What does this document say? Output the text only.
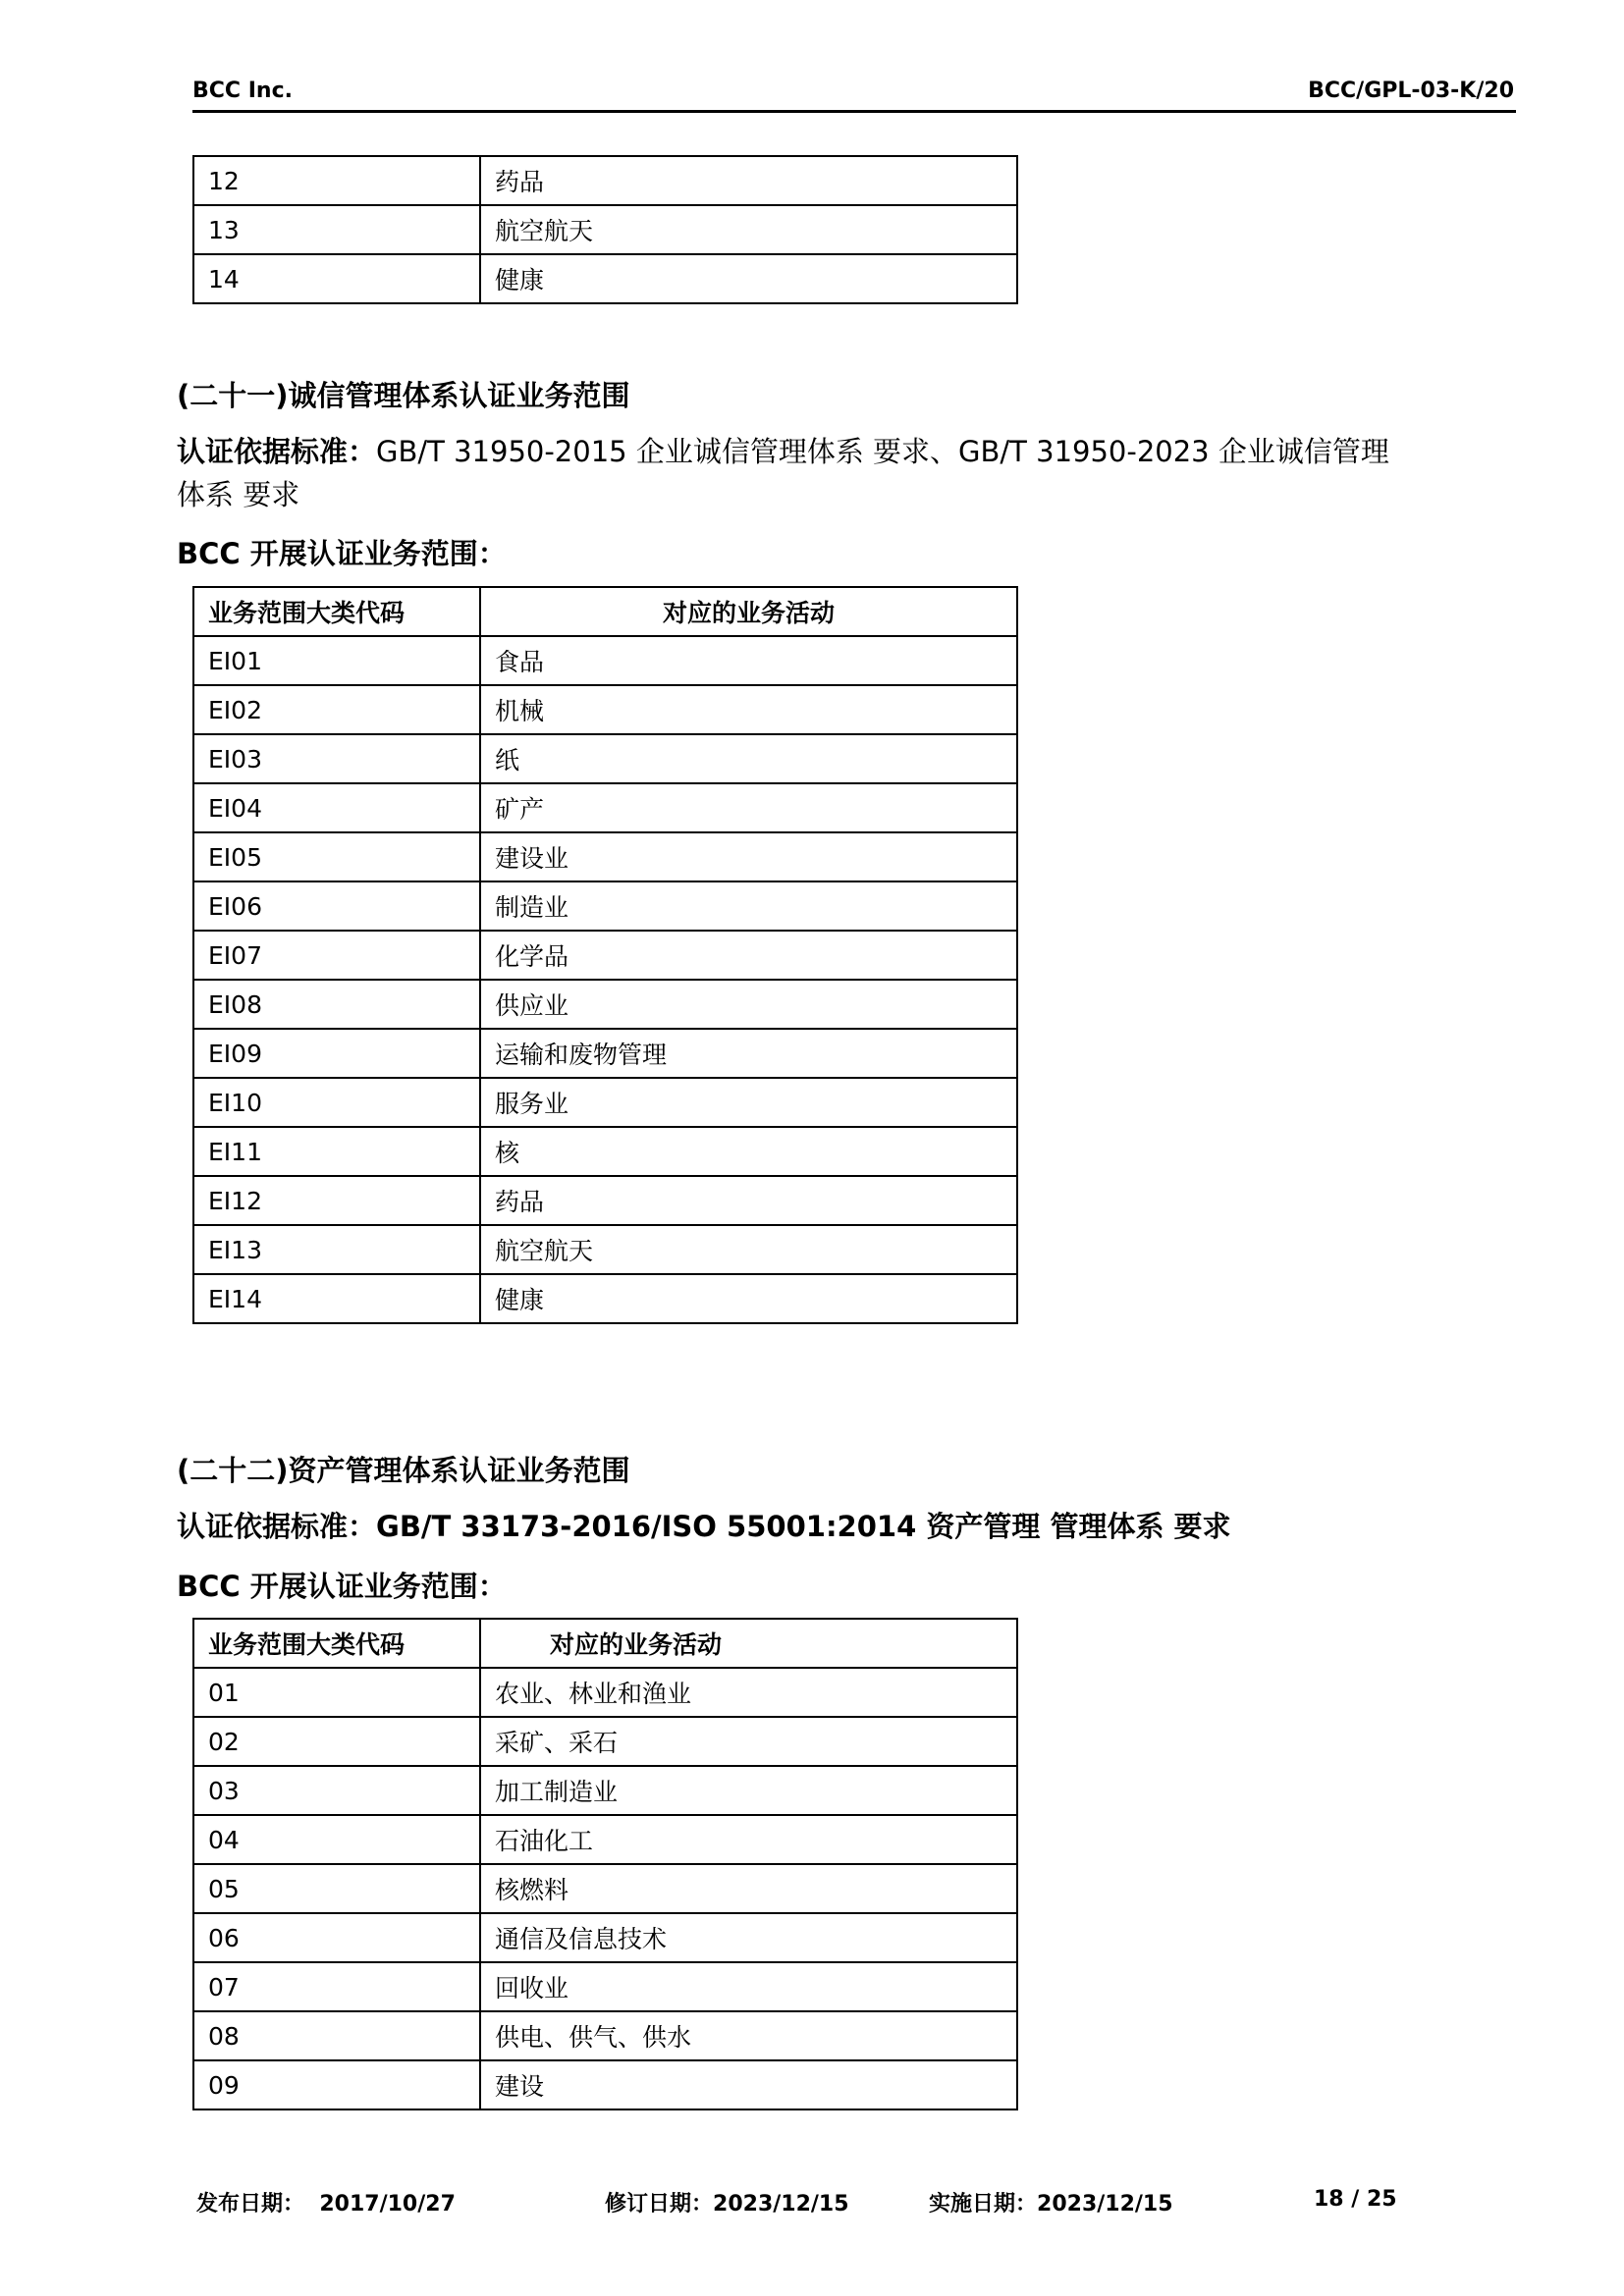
BCC Inc.	BCC/GPL-03-K/20
12	药品
13	航空航天
14	健康
(二十一)诚信管理体系认证业务范围
认证依据标准：GB/T 31950-2015 企业诚信管理体系 要求、GB/T 31950-2023 企业诚信管理
体系 要求
BCC 开展认证业务范围：
业务范围大类代码	对应的业务活动
EI01	食品
EI02	机械
EI03	纸
EI04	矿产
EI05	建设业
EI06	制造业
EI07	化学品
EI08	供应业
EI09	运输和废物管理
EI10	服务业
EI11	核
EI12	药品
EI13	航空航天
EI14	健康
(二十二)资产管理体系认证业务范围
认证依据标准：GB/T 33173-2016/ISO 55001:2014 资产管理 管理体系 要求
BCC 开展认证业务范围：
业务范围大类代码	对应的业务活动
01	农业、林业和渔业
02	采矿、采石
03	加工制造业
04	石油化工
05	核燃料
06	通信及信息技术
07	回收业
08	供电、供气、供水
09	建设
发布日期： 2017/10/27	修订日期：2023/12/15	实施日期：2023/12/15	18 / 25
